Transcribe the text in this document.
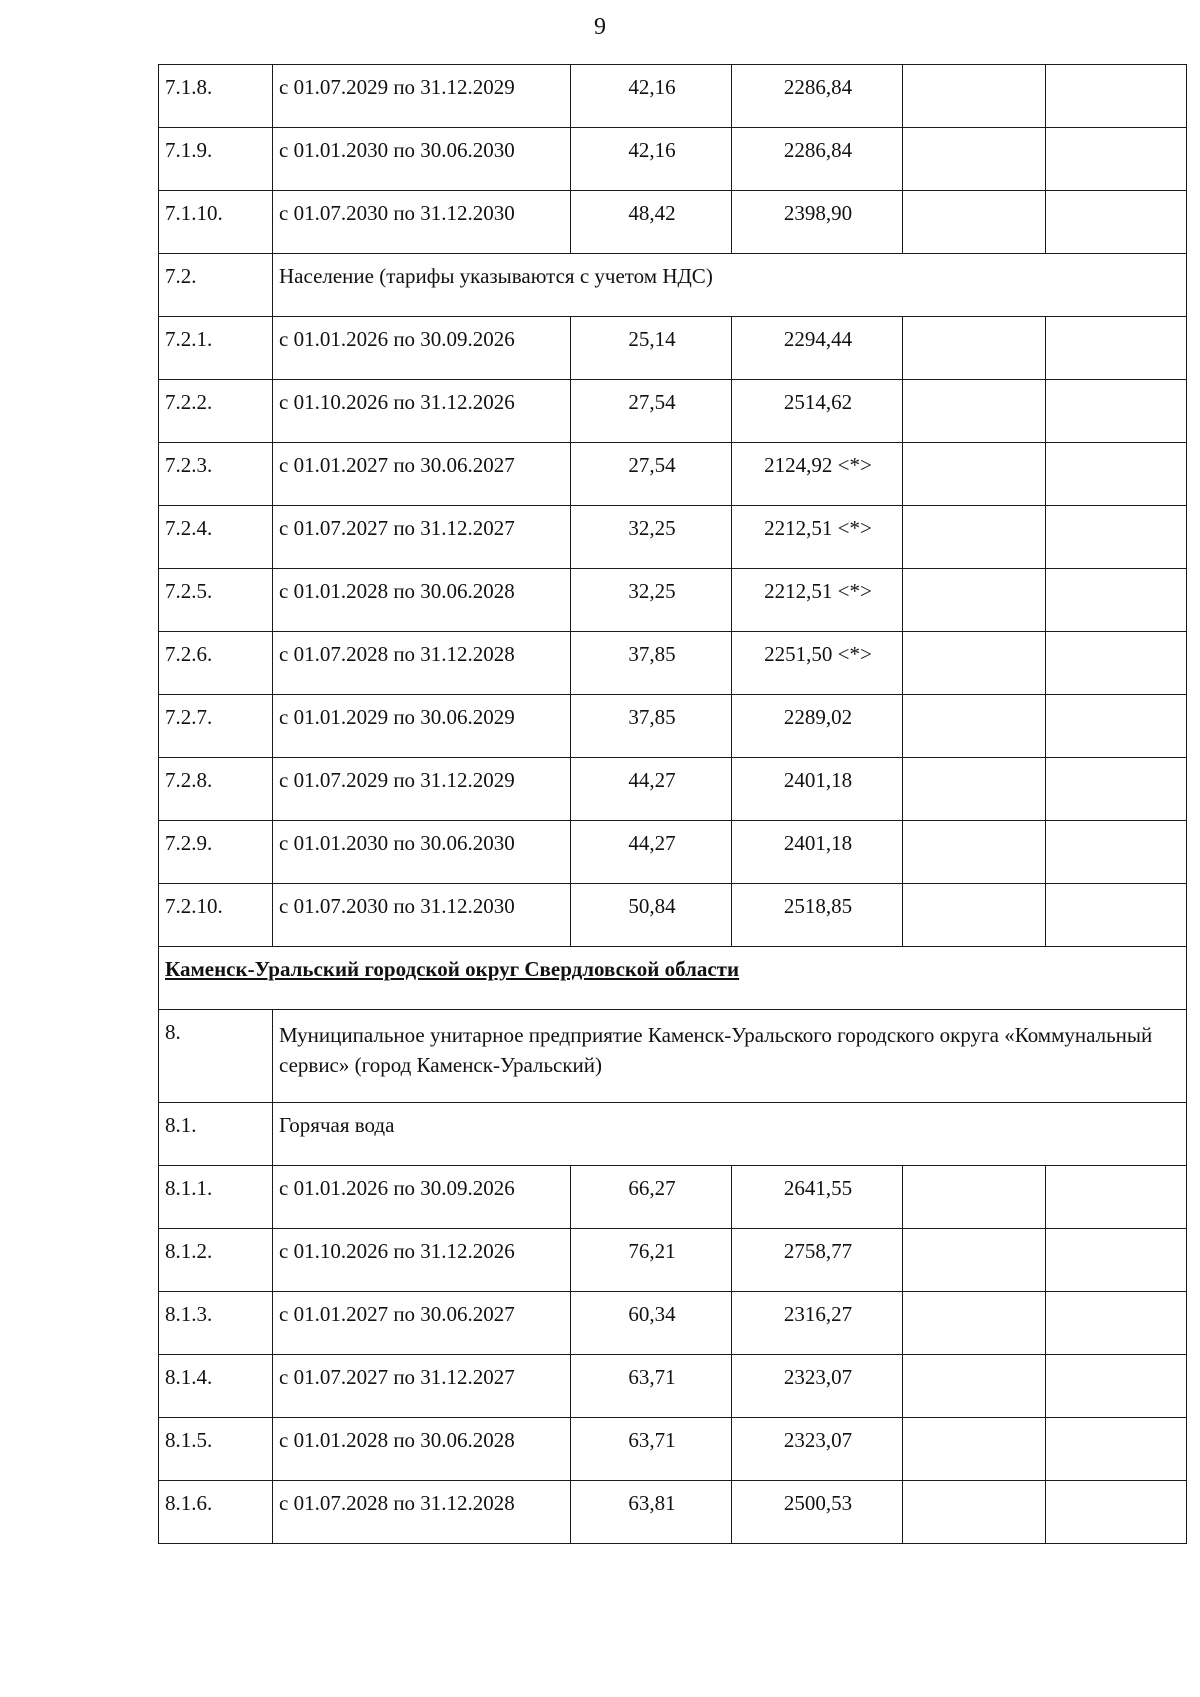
9
7.1.8.	с 01.07.2029 по 31.12.2029	42,16	2286,84		
7.1.9.	с 01.01.2030 по 30.06.2030	42,16	2286,84		
7.1.10.	с 01.07.2030 по 31.12.2030	48,42	2398,90		
7.2.	Население (тарифы указываются с учетом НДС)				
7.2.1.	с 01.01.2026 по 30.09.2026	25,14	2294,44		
7.2.2.	с 01.10.2026 по 31.12.2026	27,54	2514,62		
7.2.3.	с 01.01.2027 по 30.06.2027	27,54	2124,92 <*>		
7.2.4.	с 01.07.2027 по 31.12.2027	32,25	2212,51 <*>		
7.2.5.	с 01.01.2028 по 30.06.2028	32,25	2212,51 <*>		
7.2.6.	с 01.07.2028 по 31.12.2028	37,85	2251,50 <*>		
7.2.7.	с 01.01.2029 по 30.06.2029	37,85	2289,02		
7.2.8.	с 01.07.2029 по 31.12.2029	44,27	2401,18		
7.2.9.	с 01.01.2030 по 30.06.2030	44,27	2401,18		
7.2.10.	с 01.07.2030 по 31.12.2030	50,84	2518,85		
Каменск-Уральский городской округ Свердловской области					
8.	Муниципальное унитарное предприятие Каменск-Уральского городского округа «Коммунальный сервис» (город Каменск-Уральский)				
8.1.	Горячая вода				
8.1.1.	с 01.01.2026 по 30.09.2026	66,27	2641,55		
8.1.2.	с 01.10.2026 по 31.12.2026	76,21	2758,77		
8.1.3.	с 01.01.2027 по 30.06.2027	60,34	2316,27		
8.1.4.	с 01.07.2027 по 31.12.2027	63,71	2323,07		
8.1.5.	с 01.01.2028 по 30.06.2028	63,71	2323,07		
8.1.6.	с 01.07.2028 по 31.12.2028	63,81	2500,53		
